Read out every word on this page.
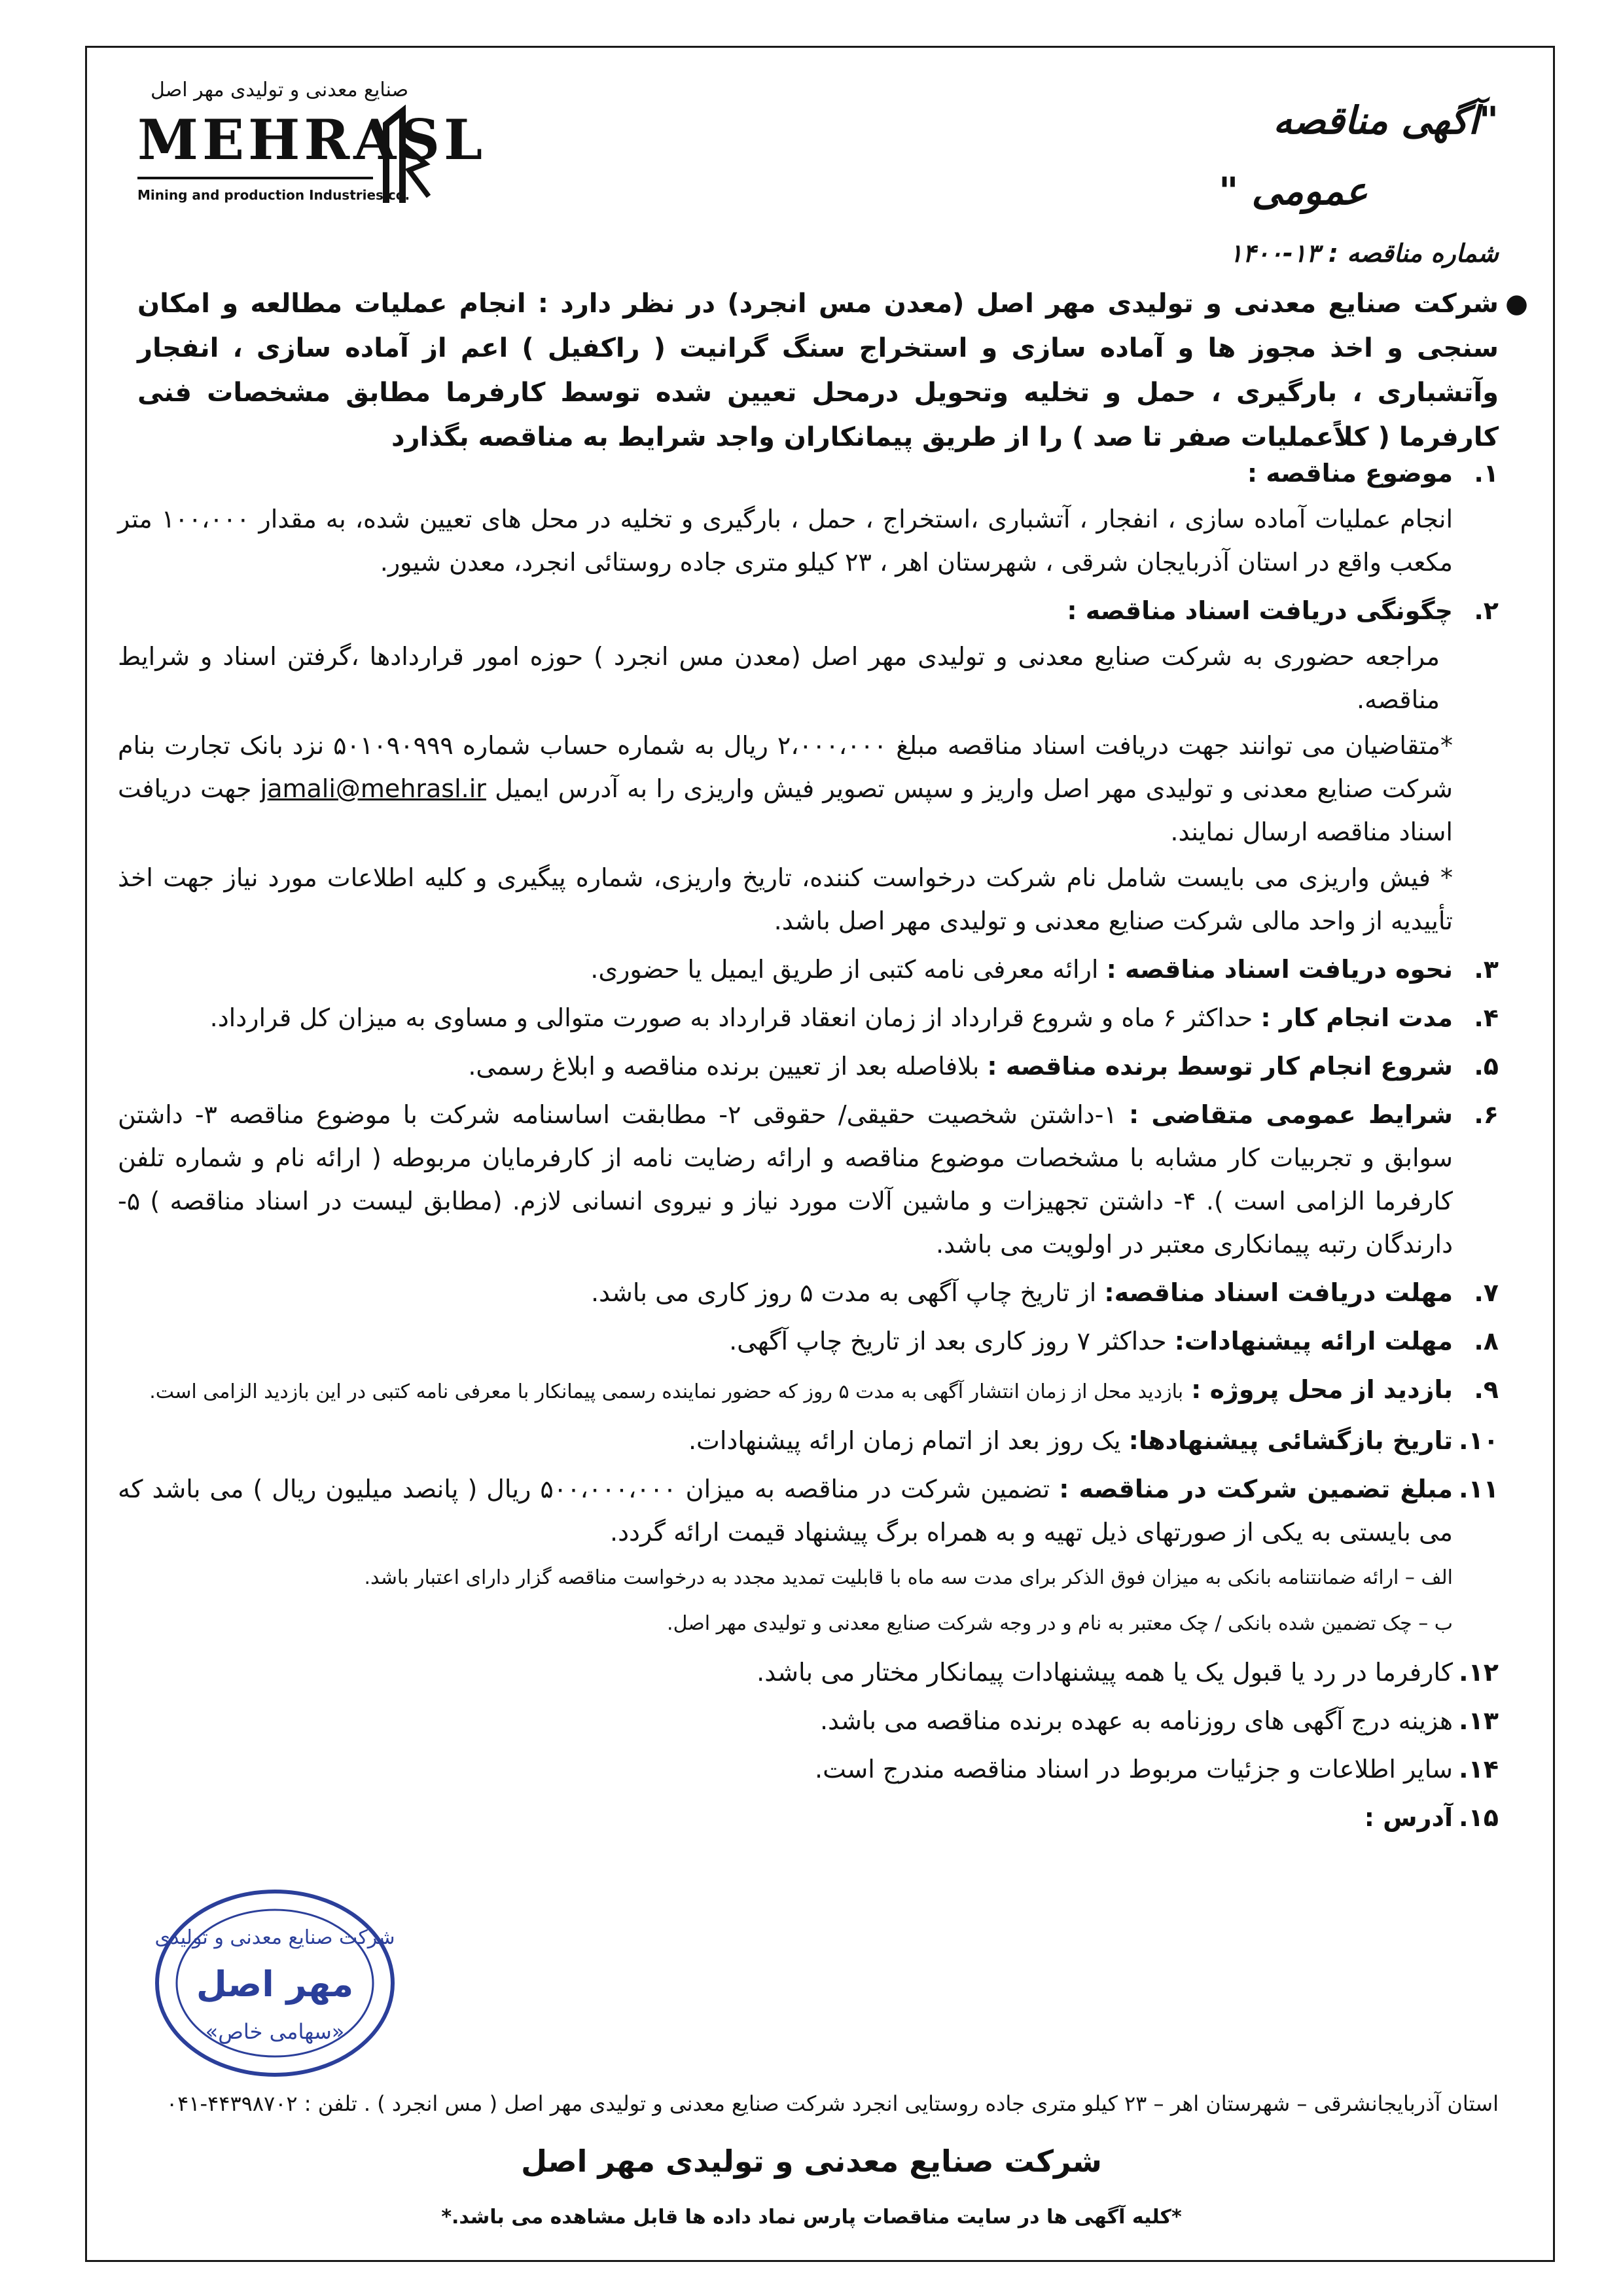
صنایع معدنی و تولیدی مهر اصل
MEHRASL
Mining and production Industries co.
"آگهی مناقصه
عمومی "
شماره مناقصه : ۱۳-۱۴۰۰
●
شرکت صنایع معدنی و تولیدی مهر اصل (معدن مس انجرد) در نظر دارد : انجام عملیات مطالعه و امکان سنجی و اخذ مجوز ها و آماده سازی و استخراج سنگ گرانیت ( راکفیل ) اعم از آماده سازی ، انفجار وآتشباری ، بارگیری ، حمل و تخلیه وتحویل درمحل تعیین شده توسط کارفرما مطابق مشخصات فنی کارفرما ( کلاًعملیات صفر تا صد ) را از طریق پیمانکاران واجد شرایط به مناقصه بگذارد
۱.
موضوع مناقصه :
انجام عملیات آماده سازی ، انفجار ، آتشباری ،استخراج ، حمل ، بارگیری و تخلیه در محل های تعیین شده، به مقدار ۱۰۰،۰۰۰ متر مکعب واقع در استان آذربایجان شرقی ، شهرستان اهر ، ۲۳ کیلو متری جاده روستائی انجرد، معدن شیور.
۲.
چگونگی دریافت اسناد مناقصه :
مراجعه حضوری به شرکت صنایع معدنی و تولیدی مهر اصل (معدن مس انجرد ) حوزه امور قراردادها ،گرفتن اسناد و شرایط مناقصه.
*متقاضیان می توانند جهت دریافت اسناد مناقصه مبلغ ۲،۰۰۰،۰۰۰ ریال به شماره حساب شماره ۵۰۱۰۹۰۹۹۹ نزد بانک تجارت بنام شرکت صنایع معدنی و تولیدی مهر اصل واریز و سپس تصویر فیش واریزی را به آدرس ایمیل jamali@mehrasl.ir جهت دریافت اسناد مناقصه ارسال نمایند.
* فیش واریزی می بایست شامل نام شرکت درخواست کننده، تاریخ واریزی، شماره پیگیری و کلیه اطلاعات مورد نیاز جهت اخذ تأییدیه از واحد مالی شرکت صنایع معدنی و تولیدی مهر اصل باشد.
۳.
نحوه دریافت اسناد مناقصه : ارائه معرفی نامه کتبی از طریق ایمیل یا حضوری.
۴.
مدت انجام کار : حداکثر ۶ ماه و شروع قرارداد از زمان انعقاد قرارداد به صورت متوالی و مساوی به میزان کل قرارداد.
۵.
شروع انجام کار توسط برنده مناقصه : بلافاصله بعد از تعیین برنده مناقصه و ابلاغ رسمی.
۶.
شرایط عمومی متقاضی : ۱-داشتن شخصیت حقیقی/ حقوقی ۲- مطابقت اساسنامه شرکت با موضوع مناقصه ۳- داشتن سوابق و تجربیات کار مشابه با مشخصات موضوع مناقصه و ارائه رضایت نامه از کارفرمایان مربوطه ( ارائه نام و شماره تلفن کارفرما الزامی است ). ۴- داشتن تجهیزات و ماشین آلات مورد نیاز و نیروی انسانی لازم. (مطابق لیست در اسناد مناقصه ) ۵- دارندگان رتبه پیمانکاری معتبر در اولویت می باشد.
۷.
مهلت دریافت اسناد مناقصه: از تاریخ چاپ آگهی به مدت ۵ روز کاری می باشد.
۸.
مهلت ارائه پیشنهادات: حداکثر ۷ روز کاری بعد از تاریخ چاپ آگهی.
۹.
بازدید از محل پروژه : بازدید محل از زمان انتشار آگهی به مدت ۵ روز که حضور نماینده رسمی پیمانکار با معرفی نامه کتبی در این بازدید الزامی است.
۱۰.
تاریخ بازگشائی پیشنهادها: یک روز بعد از اتمام زمان ارائه پیشنهادات.
۱۱.
مبلغ تضمین شرکت در مناقصه : تضمین شرکت در مناقصه به میزان ۵۰۰،۰۰۰،۰۰۰ ریال ( پانصد میلیون ریال ) می باشد که می بایستی به یکی از صورتهای ذیل تهیه و به همراه برگ پیشنهاد قیمت ارائه گردد.
الف – ارائه ضمانتنامه بانکی به میزان فوق الذکر برای مدت سه ماه با قابلیت تمدید مجدد به درخواست مناقصه گزار دارای اعتبار باشد.
ب – چک تضمین شده بانکی / چک معتبر به نام و در وجه شرکت صنایع معدنی و تولیدی مهر اصل.
۱۲.
کارفرما در رد یا قبول یک یا همه پیشنهادات پیمانکار مختار می باشد.
۱۳.
هزینه درج آگهی های روزنامه به عهده برنده مناقصه می باشد.
۱۴.
سایر اطلاعات و جزئیات مربوط در اسناد مناقصه مندرج است.
۱۵.
آدرس :
شرکت صنایع معدنی و تولیدی
مهر اصل
«سهامی خاص»
استان آذربایجانشرقی – شهرستان اهر – ۲۳ کیلو متری جاده روستایی انجرد شرکت صنایع معدنی و تولیدی مهر اصل ( مس انجرد ) . تلفن : ۴۴۳۹۸۷۰۲-۰۴۱
شرکت صنایع معدنی و تولیدی مهر اصل
*کلیه آگهی ها در سایت مناقصات پارس نماد داده ها قابل مشاهده می باشد.*
